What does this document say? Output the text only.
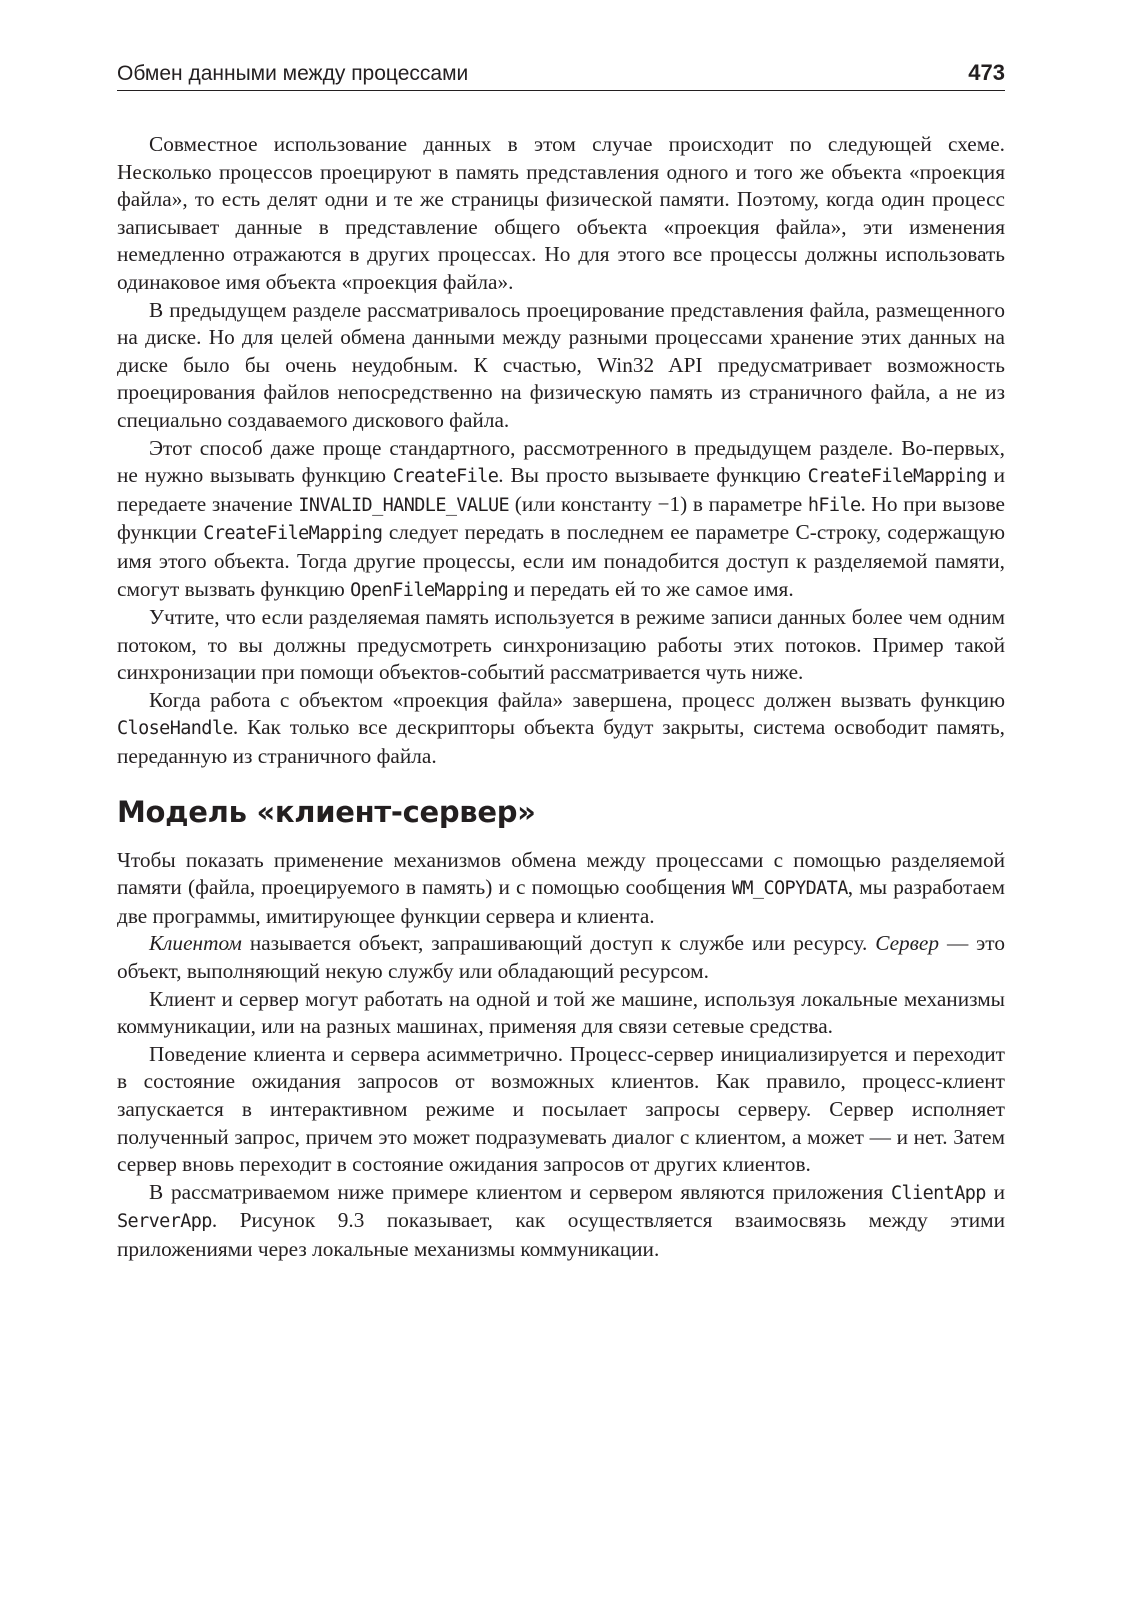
Обмен данными между процессами	473

Совместное использование данных в этом случае происходит по следующей схеме. Несколько процессов проецируют в память представления одного и того же объекта «проекция файла», то есть делят одни и те же страницы физической памяти. Поэтому, когда один процесс записывает данные в представление общего объекта «проекция файла», эти изменения немедленно отражаются в других процессах. Но для этого все процессы должны использовать одинаковое имя объекта «проекция файла».

В предыдущем разделе рассматривалось проецирование представления файла, размещенного на диске. Но для целей обмена данными между разными процессами хранение этих данных на диске было бы очень неудобным. К счастью, Win32 API предусматривает возможность проецирования файлов непосредственно на физическую память из страничного файла, а не из специально создаваемого дискового файла.

Этот способ даже проще стандартного, рассмотренного в предыдущем разделе. Во-первых, не нужно вызывать функцию CreateFile. Вы просто вызываете функцию CreateFileMapping и передаете значение INVALID_HANDLE_VALUE (или константу −1) в параметре hFile. Но при вызове функции CreateFileMapping следует передать в последнем ее параметре C-строку, содержащую имя этого объекта. Тогда другие процессы, если им понадобится доступ к разделяемой памяти, смогут вызвать функцию OpenFileMapping и передать ей то же самое имя.

Учтите, что если разделяемая память используется в режиме записи данных более чем одним потоком, то вы должны предусмотреть синхронизацию работы этих потоков. Пример такой синхронизации при помощи объектов-событий рассматривается чуть ниже.

Когда работа с объектом «проекция файла» завершена, процесс должен вызвать функцию CloseHandle. Как только все дескрипторы объекта будут закрыты, система освободит память, переданную из страничного файла.

Модель «клиент-сервер»

Чтобы показать применение механизмов обмена между процессами с помощью разделяемой памяти (файла, проецируемого в память) и с помощью сообщения WM_COPYDATA, мы разработаем две программы, имитирующее функции сервера и клиента.

Клиентом называется объект, запрашивающий доступ к службе или ресурсу. Сервер — это объект, выполняющий некую службу или обладающий ресурсом.

Клиент и сервер могут работать на одной и той же машине, используя локальные механизмы коммуникации, или на разных машинах, применяя для связи сетевые средства.

Поведение клиента и сервера асимметрично. Процесс-сервер инициализируется и переходит в состояние ожидания запросов от возможных клиентов. Как правило, процесс-клиент запускается в интерактивном режиме и посылает запросы серверу. Сервер исполняет полученный запрос, причем это может подразумевать диалог с клиентом, а может — и нет. Затем сервер вновь переходит в состояние ожидания запросов от других клиентов.

В рассматриваемом ниже примере клиентом и сервером являются приложения ClientApp и ServerApp. Рисунок 9.3 показывает, как осуществляется взаимосвязь между этими приложениями через локальные механизмы коммуникации.
